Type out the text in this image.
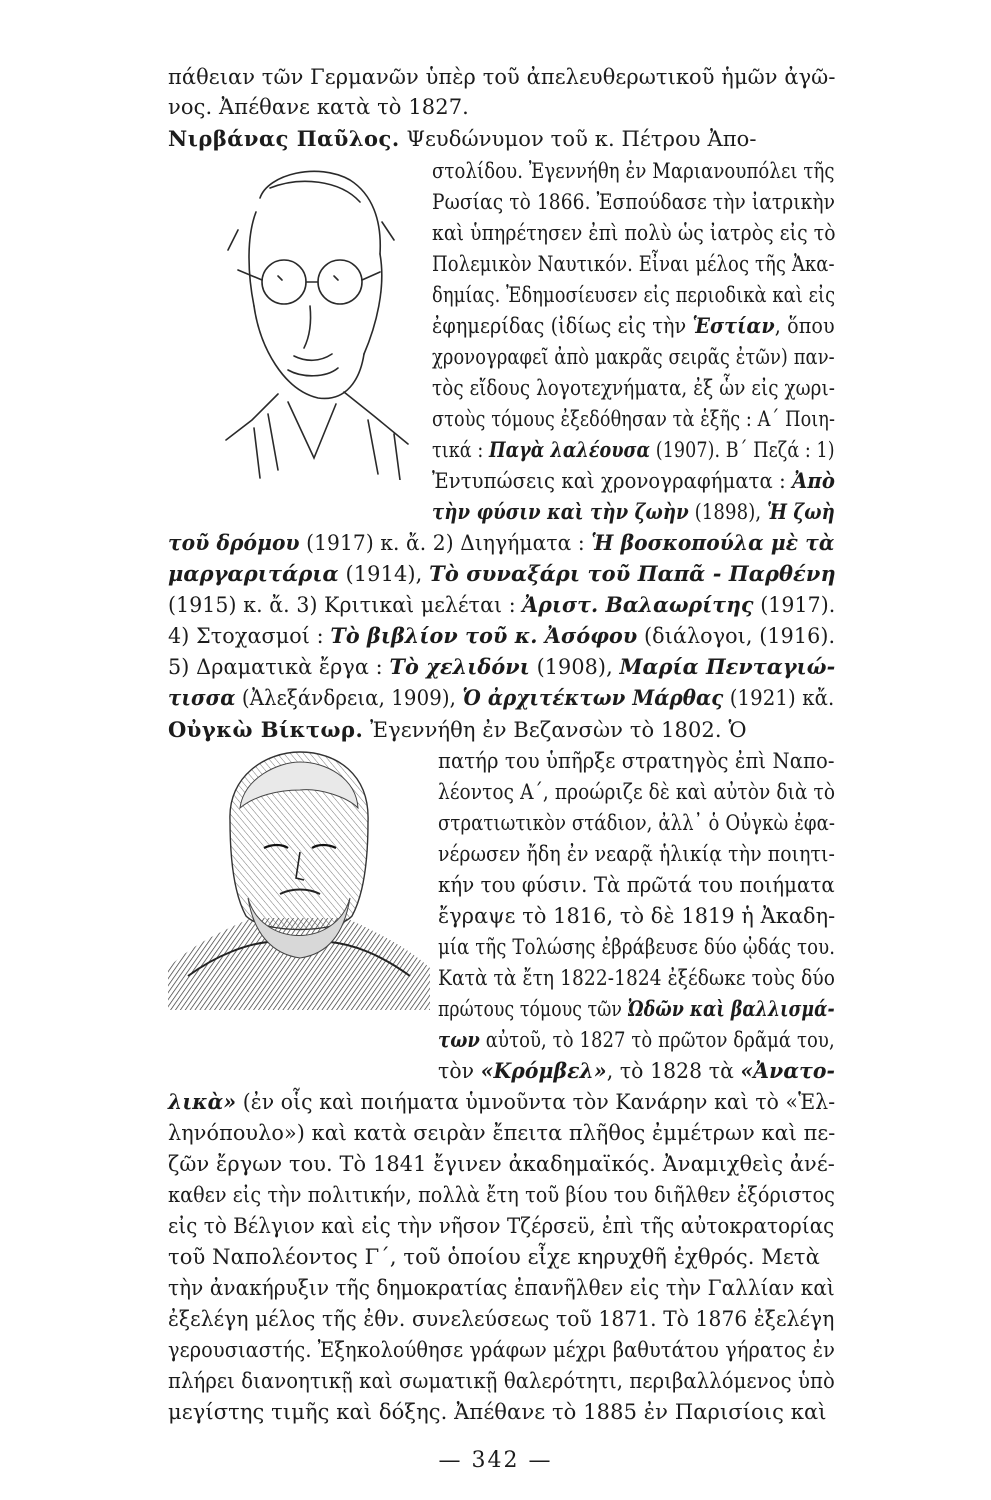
πάθειαν τῶν Γερμανῶν ὑπὲρ τοῦ ἀπελευθερωτικοῦ ἡμῶν ἀγῶ-
νος. Ἀπέθανε κατὰ τὸ 1827.
Νιρβάνας Παῦλος. Ψευδώνυμον τοῦ κ. Πέτρου Ἀπο-
στολίδου. Ἐγεννήθη ἐν Μαριανουπόλει τῆς
Ρωσίας τὸ 1866. Ἐσπούδασε τὴν ἰατρικὴν
καὶ ὑπηρέτησεν ἐπὶ πολὺ ὡς ἰατρὸς εἰς τὸ
Πολεμικὸν Ναυτικόν. Εἶναι μέλος τῆς Ἀκα-
δημίας. Ἐδημοσίευσεν εἰς περιοδικὰ καὶ εἰς
ἐφημερίδας (ἰδίως εἰς τὴν Ἑστίαν, ὅπου
χρονογραφεῖ ἀπὸ μακρᾶς σειρᾶς ἐτῶν) παν-
τὸς εἴδους λογοτεχνήματα, ἐξ ὧν εἰς χωρι-
στοὺς τόμους ἐξεδόθησαν τὰ ἑξῆς : Α΄ Ποιη-
τικά : Παγὰ λαλέουσα (1907). Β΄ Πεζά : 1)
Ἐντυπώσεις καὶ χρονογραφήματα : Ἀπὸ
τὴν φύσιν καὶ τὴν ζωὴν (1898), Ἡ ζωὴ
τοῦ δρόμου (1917) κ. ἄ. 2) Διηγήματα : Ἡ βοσκοπούλα μὲ τὰ
μαργαριτάρια (1914), Τὸ συναξάρι τοῦ Παπᾶ - Παρθένη
(1915) κ. ἄ. 3) Κριτικαὶ μελέται : Ἀριστ. Βαλαωρίτης (1917).
4) Στοχασμοί : Τὸ βιβλίον τοῦ κ. Ἀσόφου (διάλογοι, (1916).
5) Δραματικὰ ἔργα : Τὸ χελιδόνι (1908), Μαρία Πενταγιώ-
τισσα (Ἀλεξάνδρεια, 1909), Ὁ ἀρχιτέκτων Μάρθας (1921) κἄ.
Οὐγκὼ Βίκτωρ. Ἐγεννήθη ἐν Βεζανσὼν τὸ 1802. Ὁ
πατήρ του ὑπῆρξε στρατηγὸς ἐπὶ Ναπο-
λέοντος Α΄, προώριζε δὲ καὶ αὐτὸν διὰ τὸ
στρατιωτικὸν στάδιον, ἀλλ᾽ ὁ Οὐγκὼ ἐφα-
νέρωσεν ἤδη ἐν νεαρᾷ ἡλικίᾳ τὴν ποιητι-
κήν του φύσιν. Τὰ πρῶτά του ποιήματα
ἔγραψε τὸ 1816, τὸ δὲ 1819 ἡ Ἀκαδη-
μία τῆς Τολώσης ἐβράβευσε δύο ᾠδάς του.
Κατὰ τὰ ἔτη 1822-1824 ἐξέδωκε τοὺς δύο
πρώτους τόμους τῶν Ὠδῶν καὶ βαλλισμά-
των αὐτοῦ, τὸ 1827 τὸ πρῶτον δρᾶμά του,
τὸν «Κρόμβελ», τὸ 1828 τὰ «Ἀνατο-
λικὰ» (ἐν οἷς καὶ ποιήματα ὑμνοῦντα τὸν Κανάρην καὶ τὸ «Ἑλ-
ληνόπουλο») καὶ κατὰ σειρὰν ἔπειτα πλῆθος ἐμμέτρων καὶ πε-
ζῶν ἔργων του. Τὸ 1841 ἔγινεν ἀκαδημαϊκός. Ἀναμιχθεὶς ἀνέ-
καθεν εἰς τὴν πολιτικήν, πολλὰ ἔτη τοῦ βίου του διῆλθεν ἐξόριστος
εἰς τὸ Βέλγιον καὶ εἰς τὴν νῆσον Τζέρσεϋ, ἐπὶ τῆς αὐτοκρατορίας
τοῦ Ναπολέοντος Γ΄, τοῦ ὁποίου εἶχε κηρυχθῆ ἐχθρός. Μετὰ
τὴν ἀνακήρυξιν τῆς δημοκρατίας ἐπανῆλθεν εἰς τὴν Γαλλίαν καὶ
ἐξελέγη μέλος τῆς ἐθν. συνελεύσεως τοῦ 1871. Τὸ 1876 ἐξελέγη
γερουσιαστής. Ἐξηκολούθησε γράφων μέχρι βαθυτάτου γήρατος ἐν
πλήρει διανοητικῇ καὶ σωματικῇ θαλερότητι, περιβαλλόμενος ὑπὸ
μεγίστης τιμῆς καὶ δόξης. Ἀπέθανε τὸ 1885 ἐν Παρισίοις καὶ
— 342 —
